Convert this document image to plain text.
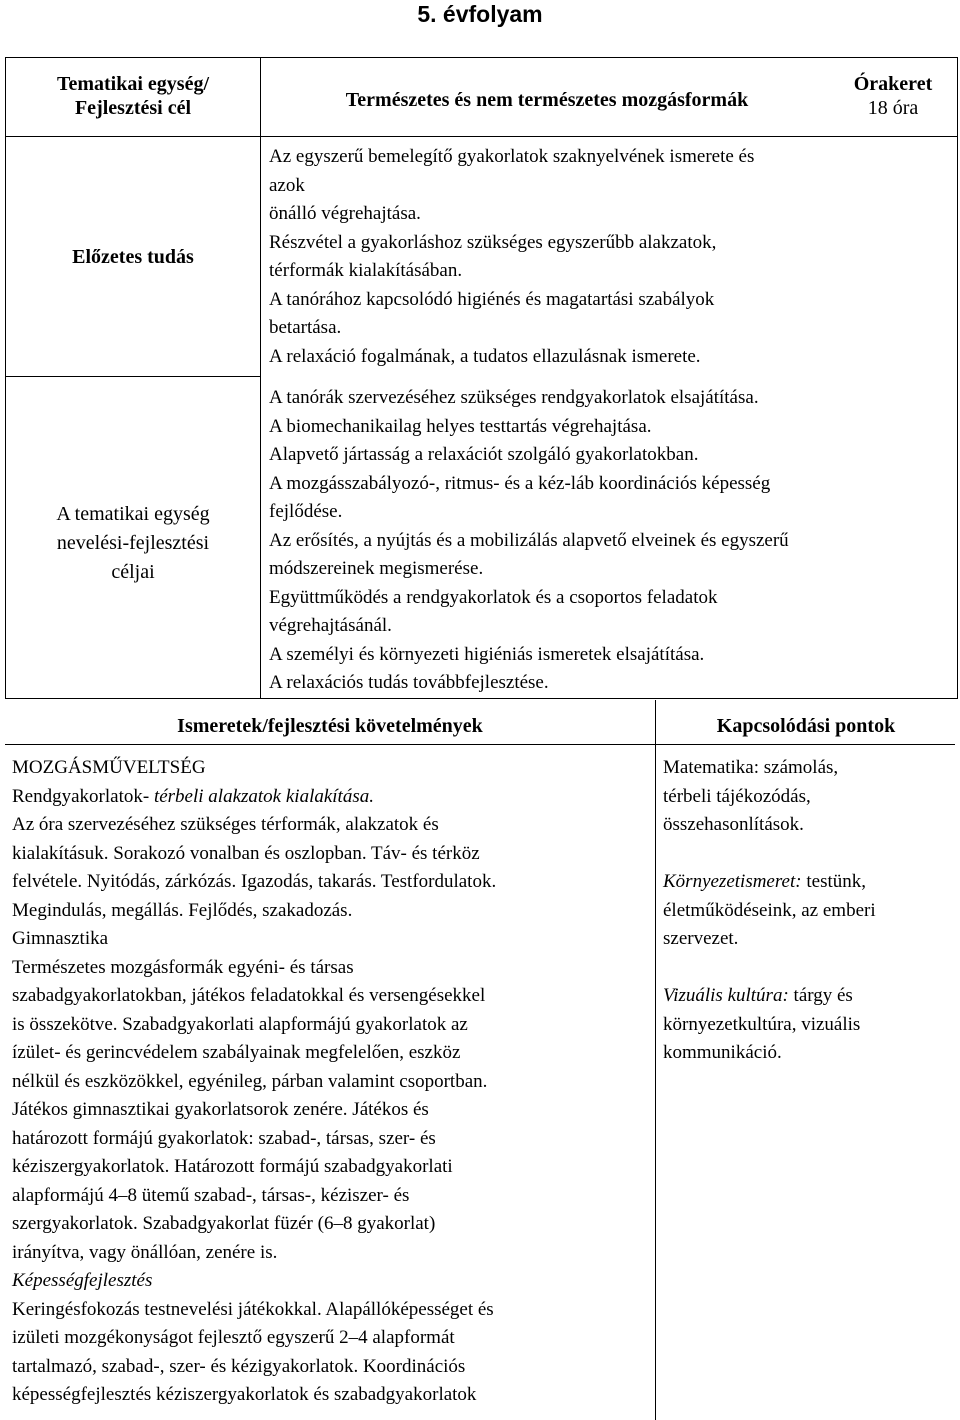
5. évfolyam
Tematikai egység/
Fejlesztési cél	Természetes és nem természetes mozgásformák
Órakeret
18 óra
Előzetes tudás
Az egyszerű bemelegítő gyakorlatok szaknyelvének ismerete és
azok
önálló végrehajtása.
Részvétel a gyakorláshoz szükséges egyszerűbb alakzatok,
térformák kialakításában.
A tanórához kapcsolódó higiénés és magatartási szabályok
betartása.
A relaxáció fogalmának, a tudatos ellazulásnak ismerete.
A tematikai egység
nevelési-fejlesztési
céljai
A tanórák szervezéséhez szükséges rendgyakorlatok elsajátítása.
A biomechanikailag helyes testtartás végrehajtása.
Alapvető jártasság a relaxációt szolgáló gyakorlatokban.
A mozgásszabályozó-, ritmus- és a kéz-láb koordinációs képesség
fejlődése.
Az erősítés, a nyújtás és a mobilizálás alapvető elveinek és egyszerű
módszereinek megismerése.
Együttműködés a rendgyakorlatok és a csoportos feladatok
végrehajtásánál.
A személyi és környezeti higiéniás ismeretek elsajátítása.
A relaxációs tudás továbbfejlesztése.
Ismeretek/fejlesztési követelmények	Kapcsolódási pontok
MOZGÁSMŰVELTSÉG
Rendgyakorlatok- térbeli alakzatok kialakítása.
Az óra szervezéséhez szükséges térformák, alakzatok és
kialakításuk. Sorakozó vonalban és oszlopban. Táv- és térköz
felvétele. Nyitódás, zárkózás. Igazodás, takarás. Testfordulatok.
Megindulás, megállás. Fejlődés, szakadozás.
Gimnasztika
Természetes mozgásformák egyéni- és társas
szabadgyakorlatokban, játékos feladatokkal és versengésekkel
is összekötve. Szabadgyakorlati alapformájú gyakorlatok az
ízület- és gerincvédelem szabályainak megfelelően, eszköz
nélkül és eszközökkel, egyénileg, párban valamint csoportban.
Játékos gimnasztikai gyakorlatsorok zenére. Játékos és
határozott formájú gyakorlatok: szabad-, társas, szer- és
kéziszergyakorlatok. Határozott formájú szabadgyakorlati
alapformájú 4‒8 ütemű szabad-, társas-, kéziszer- és
szergyakorlatok. Szabadgyakorlat füzér (6‒8 gyakorlat)
irányítva, vagy önállóan, zenére is.
Képességfejlesztés
Keringésfokozás testnevelési játékokkal. Alapállóképességet és
izületi mozgékonyságot fejlesztő egyszerű 2‒4 alapformát
tartalmazó, szabad-, szer- és kézigyakorlatok. Koordinációs
képességfejlesztés kéziszergyakorlatok és szabadgyakorlatok
Matematika: számolás,
térbeli tájékozódás,
összehasonlítások.

Környezetismeret: testünk,
életműködéseink, az emberi
szervezet.

Vizuális kultúra: tárgy és
környezetkultúra, vizuális
kommunikáció.
